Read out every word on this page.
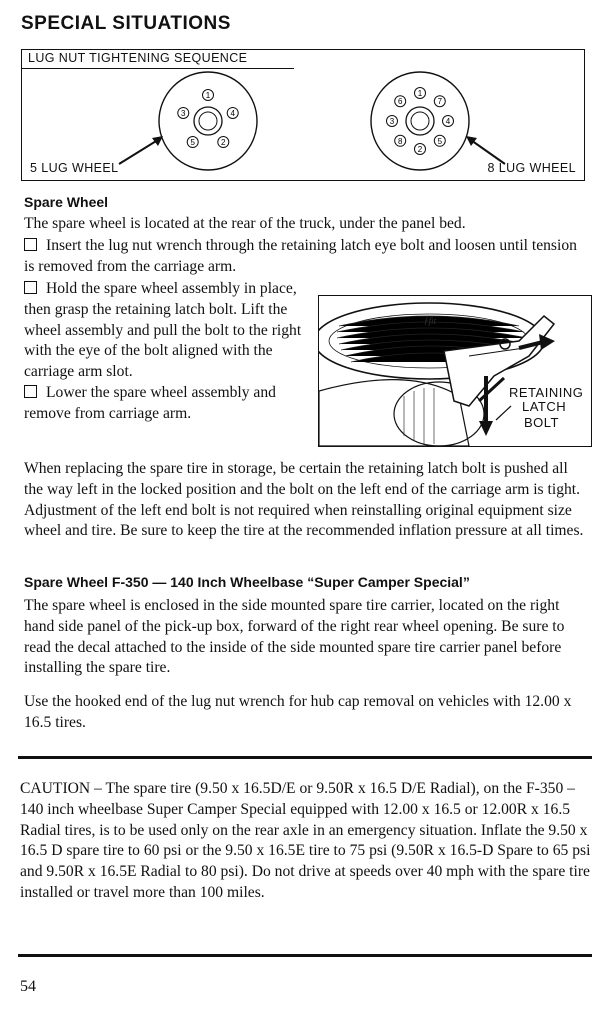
SPECIAL SITUATIONS
1
2
3	4
5
1
2
3	4
5
6	7
8
LUG NUT TIGHTENING SEQUENCE
5 LUG WHEEL	8 LUG WHEEL
Spare Wheel
The spare wheel is located at the rear of the truck, under the panel bed.
Insert the lug nut wrench through the retaining latch eye bolt and loosen until tension is removed from the carriage arm.

Hold the spare wheel assembly in place, then grasp the retaining latch bolt. Lift the wheel assembly and pull the bolt to the right with the eye of the bolt aligned with the carriage arm slot.

Lower the spare wheel assembly and remove from carriage arm.

ƒfit
RETAINING
LATCH
BOLT
When replacing the spare tire in storage, be certain the retaining latch bolt is pushed all the way left in the locked position and the bolt on the left end of the carriage arm is tight. Adjustment of the left end bolt is not required when reinstalling original equipment size wheel and tire. Be sure to keep the tire at the recommended inflation pressure at all times.
Spare Wheel F-350 — 140 Inch Wheelbase “Super Camper Special”
The spare wheel is enclosed in the side mounted spare tire carrier, located on the right hand side panel of the pick-up box, forward of the right rear wheel opening. Be sure to read the decal attached to the inside of the side mounted spare tire carrier panel before installing the spare tire.
Use the hooked end of the lug nut wrench for hub cap removal on vehicles with 12.00 x 16.5 tires.
CAUTION – The spare tire (9.50 x 16.5D/E or 9.50R x 16.5 D/E Radial), on the F-350 – 140 inch wheelbase Super Camper Special equipped with 12.00 x 16.5 or 12.00R x 16.5 Radial tires, is to be used only on the rear axle in an emergency situation. Inflate the 9.50 x 16.5 D spare tire to 60 psi or the 9.50 x 16.5E tire to 75 psi (9.50R x 16.5-D Spare to 65 psi and 9.50R x 16.5E Radial to 80 psi). Do not drive at speeds over 40 mph with the spare tire installed or travel more than 100 miles.
54
